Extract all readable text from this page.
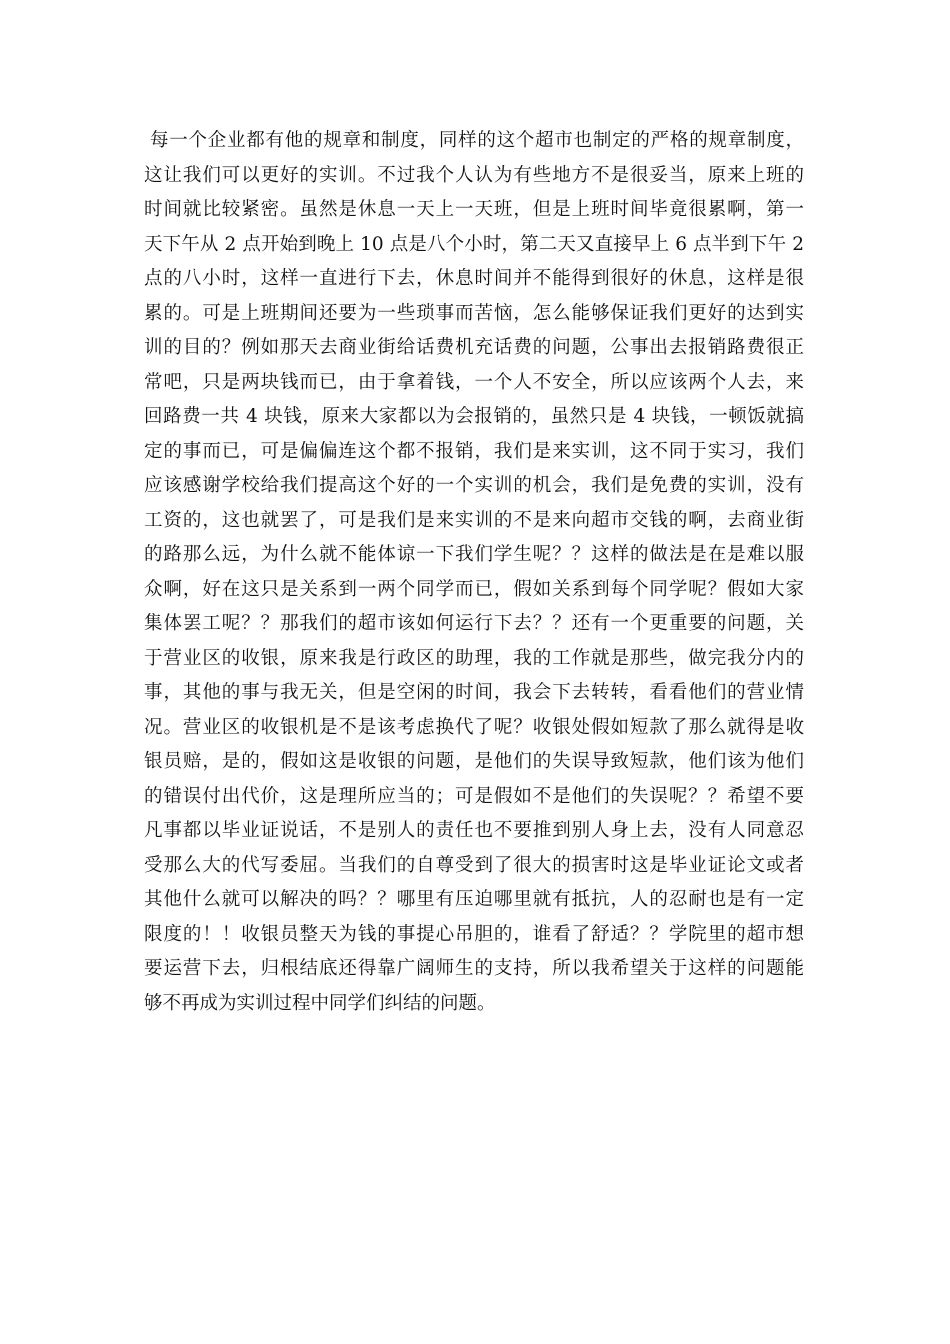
每一个企业都有他的规章和制度，同样的这个超市也制定的严格的规章制度，
这让我们可以更好的实训。不过我个人认为有些地方不是很妥当，原来上班的
时间就比较紧密。虽然是休息一天上一天班，但是上班时间毕竟很累啊，第一
天下午从 2 点开始到晚上 10 点是八个小时，第二天又直接早上 6 点半到下午 2
点的八小时，这样一直进行下去，休息时间并不能得到很好的休息，这样是很
累的。可是上班期间还要为一些琐事而苦恼，怎么能够保证我们更好的达到实
训的目的？例如那天去商业街给话费机充话费的问题，公事出去报销路费很正
常吧，只是两块钱而已，由于拿着钱，一个人不安全，所以应该两个人去，来
回路费一共 4 块钱，原来大家都以为会报销的，虽然只是 4 块钱，一顿饭就搞
定的事而已，可是偏偏连这个都不报销，我们是来实训，这不同于实习，我们
应该感谢学校给我们提高这个好的一个实训的机会，我们是免费的实训，没有
工资的，这也就罢了，可是我们是来实训的不是来向超市交钱的啊，去商业街
的路那么远，为什么就不能体谅一下我们学生呢？？这样的做法是在是难以服
众啊，好在这只是关系到一两个同学而已，假如关系到每个同学呢？假如大家
集体罢工呢？？那我们的超市该如何运行下去？？还有一个更重要的问题，关
于营业区的收银，原来我是行政区的助理，我的工作就是那些，做完我分内的
事，其他的事与我无关，但是空闲的时间，我会下去转转，看看他们的营业情
况。营业区的收银机是不是该考虑换代了呢？收银处假如短款了那么就得是收
银员赔，是的，假如这是收银的问题，是他们的失误导致短款，他们该为他们
的错误付出代价，这是理所应当的；可是假如不是他们的失误呢？？希望不要
凡事都以毕业证说话，不是别人的责任也不要推到别人身上去，没有人同意忍
受那么大的代写委屈。当我们的自尊受到了很大的损害时这是毕业证论文或者
其他什么就可以解决的吗？？哪里有压迫哪里就有抵抗，人的忍耐也是有一定
限度的！！收银员整天为钱的事提心吊胆的，谁看了舒适？？学院里的超市想
要运营下去，归根结底还得靠广阔师生的支持，所以我希望关于这样的问题能
够不再成为实训过程中同学们纠结的问题。
